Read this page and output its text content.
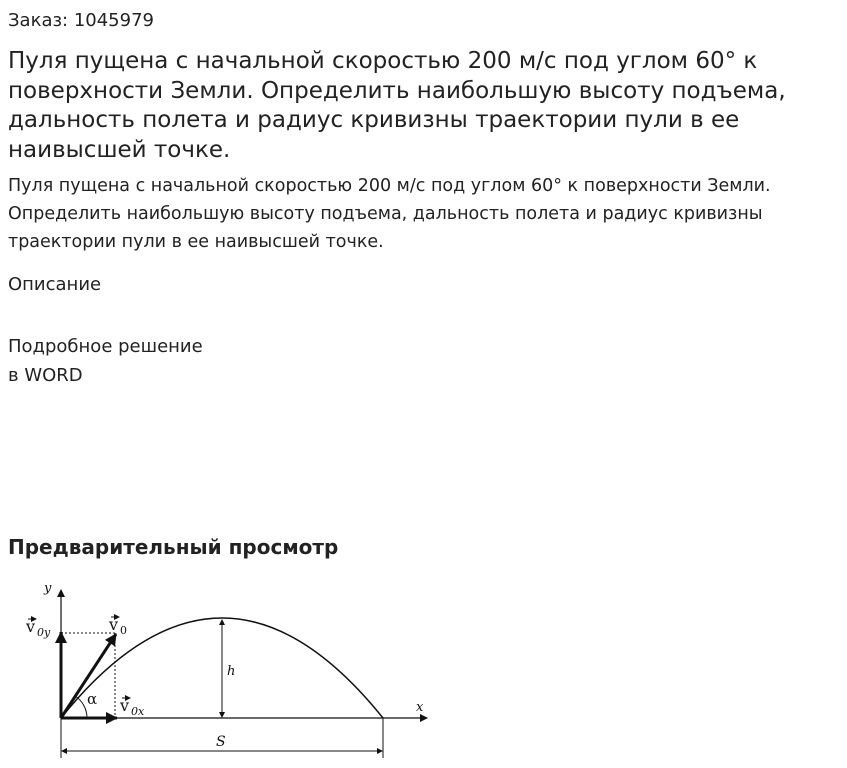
Заказ: 1045979
Пуля пущена с начальной скоростью 200 м/с под углом 60° к поверхности Земли. Определить наибольшую высоту подъема, дальность полета и радиус кривизны траектории пули в ее наивысшей точке.

Пуля пущена с начальной скоростью 200 м/с под углом 60° к поверхности Земли. Определить наибольшую высоту подъема, дальность полета и радиус кривизны траектории пули в ее наивысшей точке.

Описание
Подробное решение
в WORD
Предварительный просмотр
y
x
α
v 0y	v 0
v 0x
h
S
